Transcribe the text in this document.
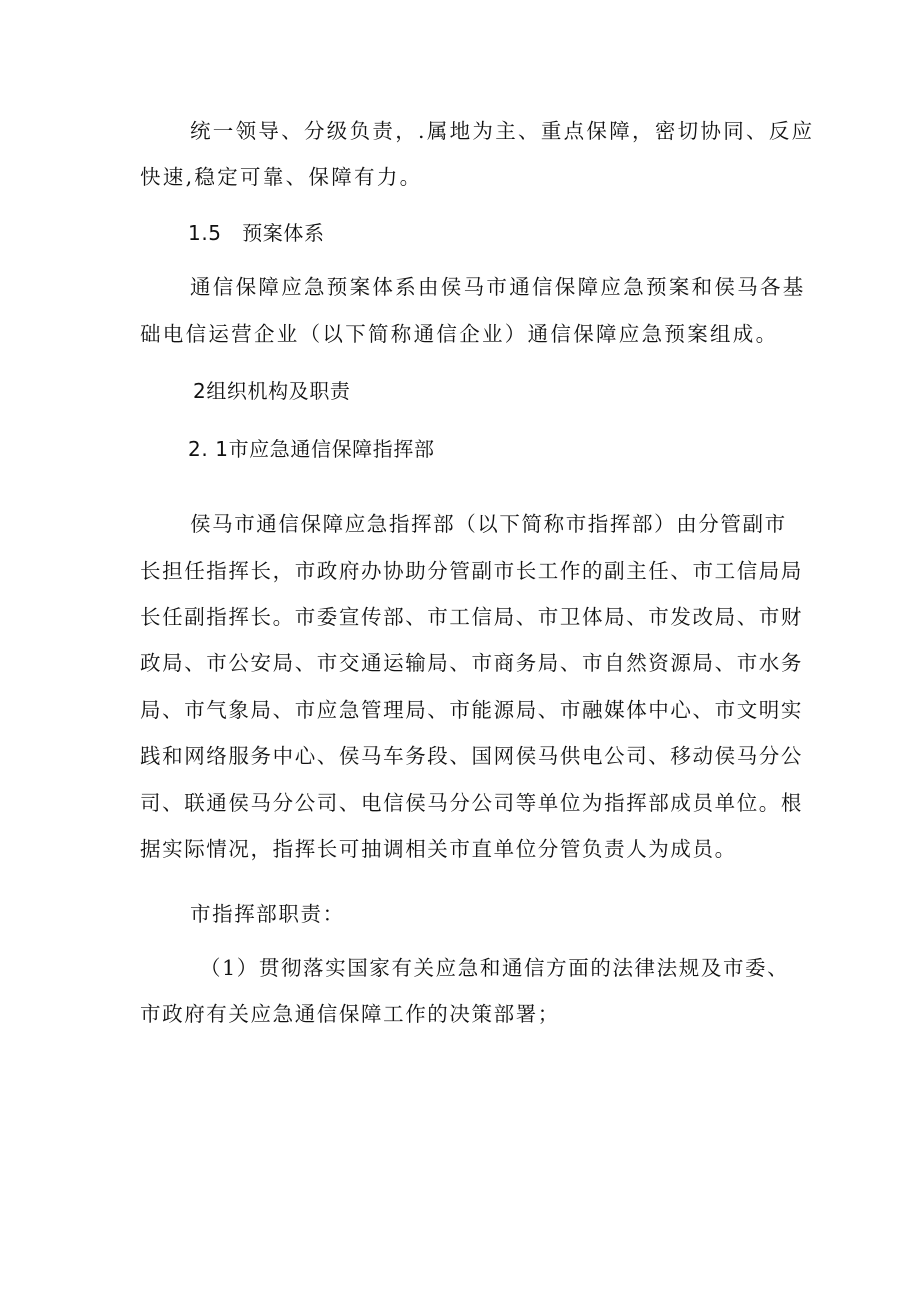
统一领导、分级负责，.属地为主、重点保障，密切协同、反应

快速,稳定可靠、保障有力。

1.5　预案体系

通信保障应急预案体系由侯马市通信保障应急预案和侯马各基

础电信运营企业（以下简称通信企业）通信保障应急预案组成。

2组织机构及职责

2. 1市应急通信保障指挥部

侯马市通信保障应急指挥部（以下简称市指挥部）由分管副市

长担任指挥长，市政府办协助分管副市长工作的副主任、市工信局局

长任副指挥长。市委宣传部、市工信局、市卫体局、市发改局、市财

政局、市公安局、市交通运输局、市商务局、市自然资源局、市水务

局、市气象局、市应急管理局、市能源局、市融媒体中心、市文明实

践和网络服务中心、侯马车务段、国网侯马供电公司、移动侯马分公

司、联通侯马分公司、电信侯马分公司等单位为指挥部成员单位。根

据实际情况，指挥长可抽调相关市直单位分管负责人为成员。

市指挥部职责：

（1）贯彻落实国家有关应急和通信方面的法律法规及市委、

市政府有关应急通信保障工作的决策部署；
